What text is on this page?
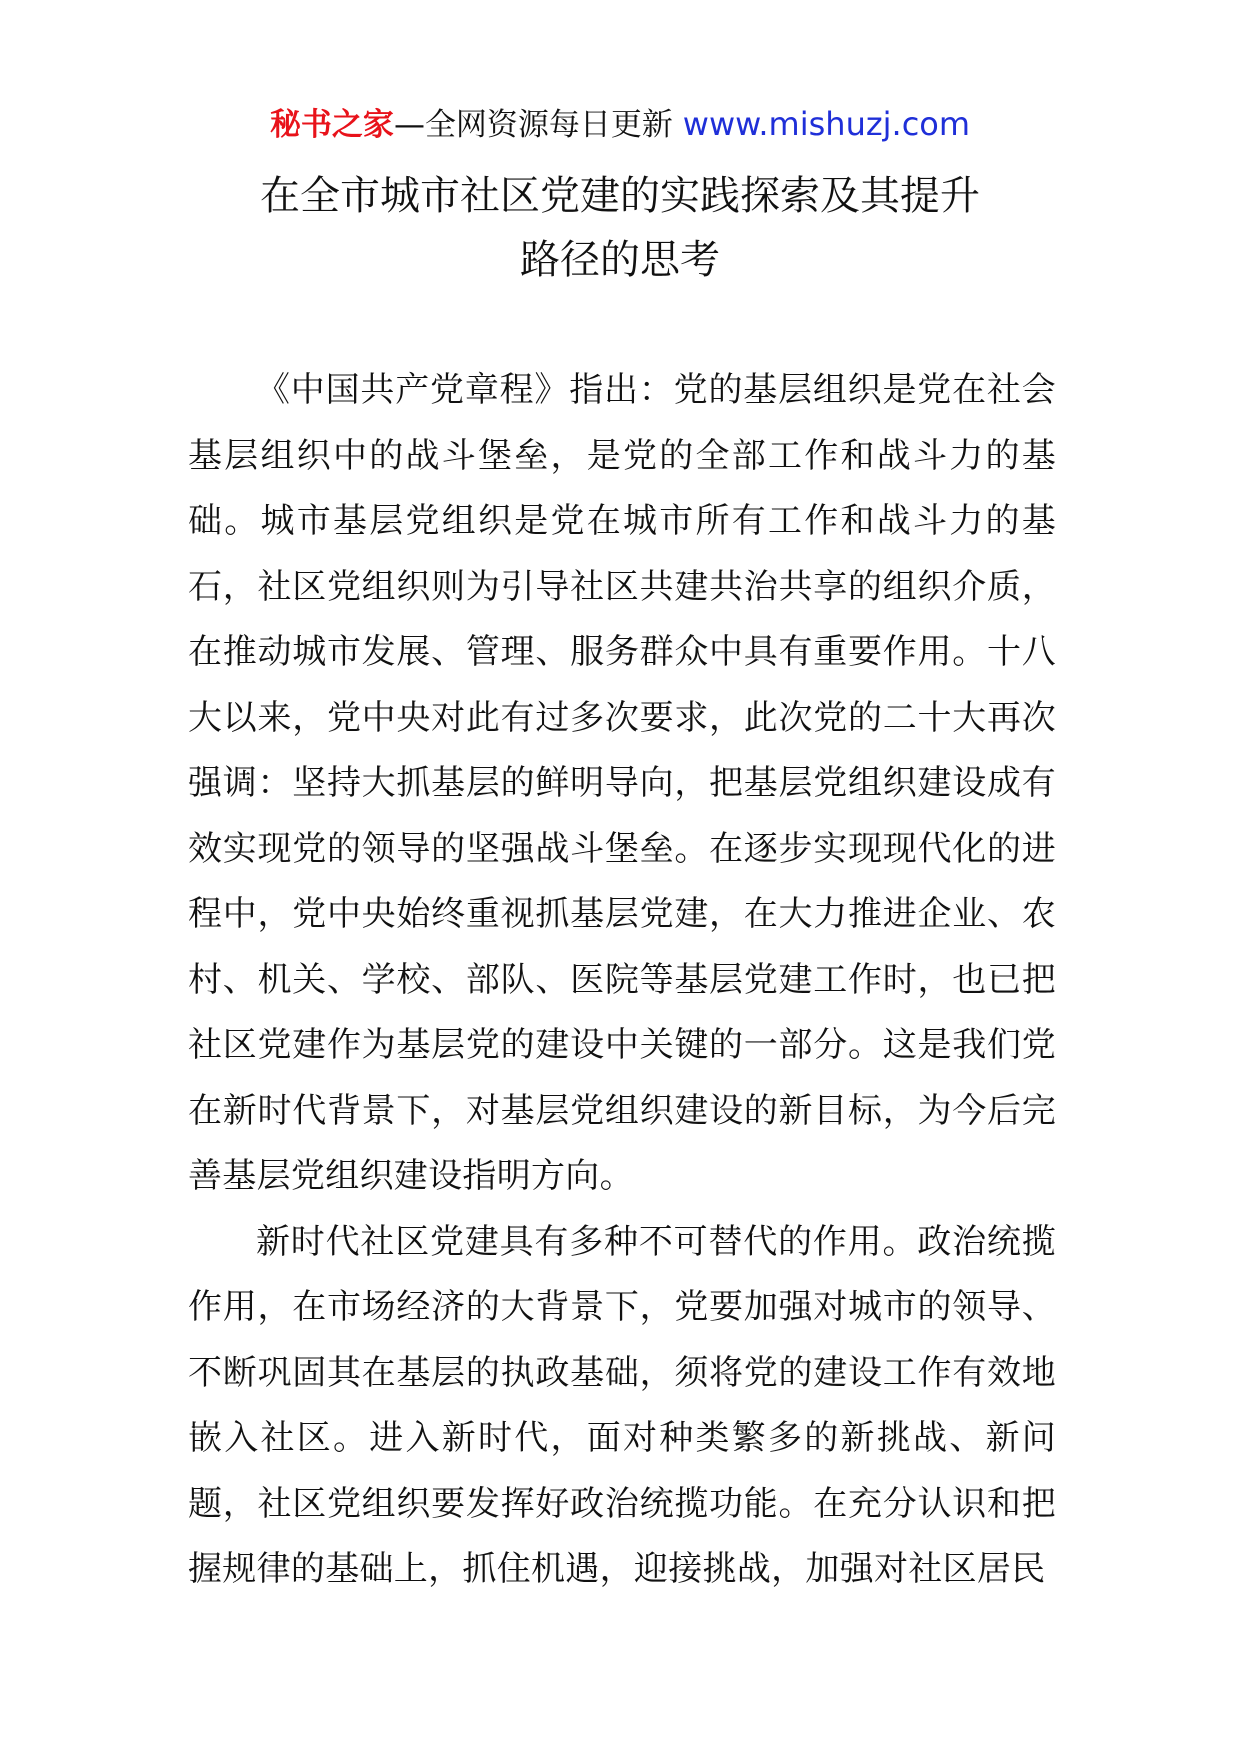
秘书之家—全网资源每日更新 www.mishuzj.com
在全市城市社区党建的实践探索及其提升
路径的思考

《中国共产党章程》指出：党的基层组织是党在社会基层组织中的战斗堡垒，是党的全部工作和战斗力的基础。城市基层党组织是党在城市所有工作和战斗力的基石，社区党组织则为引导社区共建共治共享的组织介质，在推动城市发展、管理、服务群众中具有重要作用。十八大以来，党中央对此有过多次要求，此次党的二十大再次强调：坚持大抓基层的鲜明导向，把基层党组织建设成有效实现党的领导的坚强战斗堡垒。在逐步实现现代化的进程中，党中央始终重视抓基层党建，在大力推进企业、农村、机关、学校、部队、医院等基层党建工作时，也已把社区党建作为基层党的建设中关键的一部分。这是我们党在新时代背景下，对基层党组织建设的新目标，为今后完善基层党组织建设指明方向。

新时代社区党建具有多种不可替代的作用。政治统揽作用，在市场经济的大背景下，党要加强对城市的领导、不断巩固其在基层的执政基础，须将党的建设工作有效地嵌入社区。进入新时代，面对种类繁多的新挑战、新问题，社区党组织要发挥好政治统揽功能。在充分认识和把握规律的基础上，抓住机遇，迎接挑战，加强对社区居民
